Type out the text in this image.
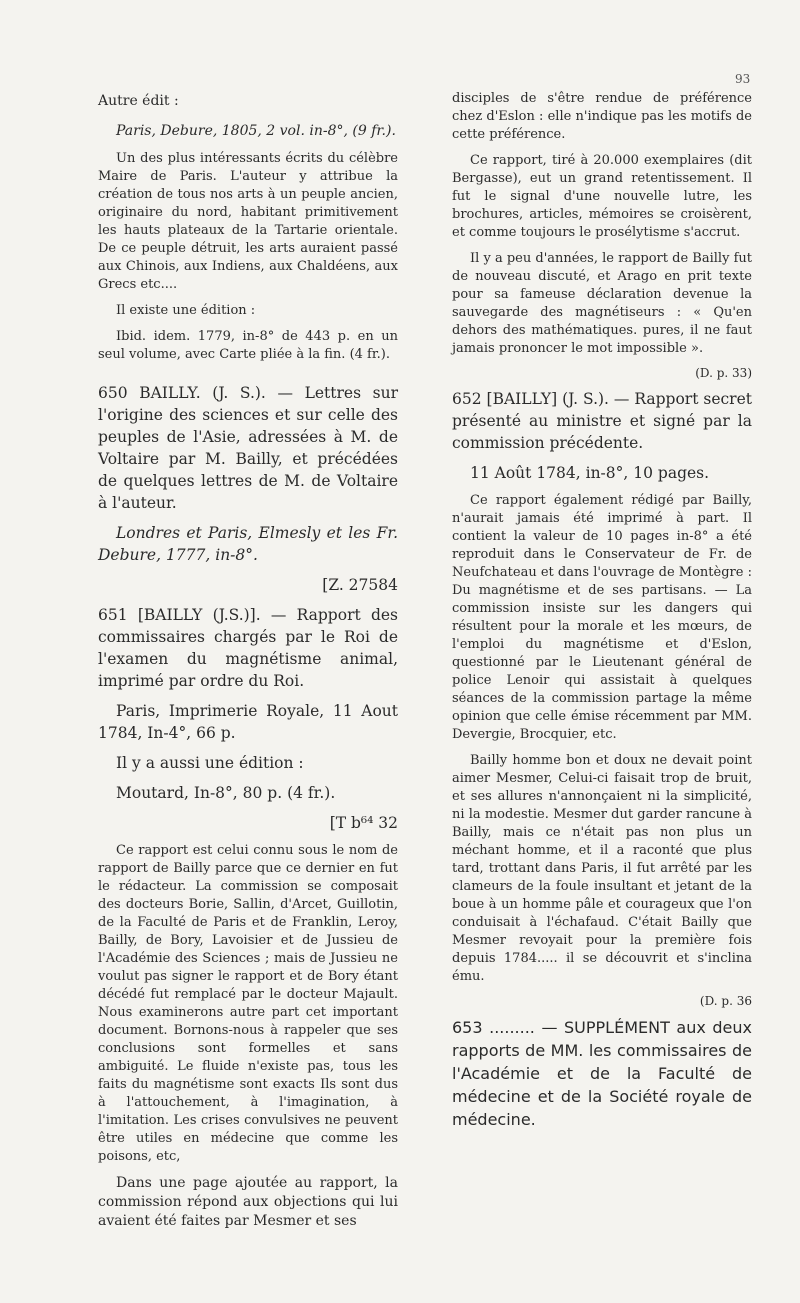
93

Autre édit :

Paris, Debure, 1805, 2 vol. in-8°, (9 fr.).

Un des plus intéressants écrits du célèbre Maire de Paris. L'auteur y attribue la création de tous nos arts à un peuple ancien, originaire du nord, habitant primitivement les hauts plateaux de la Tartarie orientale. De ce peuple détruit, les arts auraient passé aux Chinois, aux Indiens, aux Chaldéens, aux Grecs etc....

Il existe une édition :

Ibid. idem. 1779, in-8° de 443 p. en un seul volume, avec Carte pliée à la fin. (4 fr.).

650 BAILLY. (J. S.). — Lettres sur l'origine des sciences et sur celle des peuples de l'Asie, adressées à M. de Voltaire par M. Bailly, et précédées de quelques lettres de M. de Voltaire à l'auteur.

Londres et Paris, Elmesly et les Fr. Debure, 1777, in-8°.

[Z. 27584

651 [BAILLY (J.S.)]. — Rapport des commissaires chargés par le Roi de l'examen du magnétisme animal, imprimé par ordre du Roi.

Paris, Imprimerie Royale, 11 Aout 1784, In-4°, 66 p.

Il y a aussi une édition :

Moutard, In-8°, 80 p. (4 fr.).

[T b⁶⁴ 32

Ce rapport est celui connu sous le nom de rapport de Bailly parce que ce dernier en fut le rédacteur. La commission se composait des docteurs Borie, Sallin, d'Arcet, Guillotin, de la Faculté de Paris et de Franklin, Leroy, Bailly, de Bory, Lavoisier et de Jussieu de l'Académie des Sciences ; mais de Jussieu ne voulut pas signer le rapport et de Bory étant décédé fut remplacé par le docteur Majault. Nous examinerons autre part cet important document. Bornons-nous à rappeler que ses conclusions sont formelles et sans ambiguité. Le fluide n'existe pas, tous les faits du magnétisme sont exacts Ils sont dus à l'attouchement, à l'imagination, à l'imitation. Les crises convulsives ne peuvent être utiles en médecine que comme les poisons, etc,

Dans une page ajoutée au rapport, la commission répond aux objections qui lui avaient été faites par Mesmer et ses

disciples de s'être rendue de préférence chez d'Eslon : elle n'indique pas les motifs de cette préférence.

Ce rapport, tiré à 20.000 exemplaires (dit Bergasse), eut un grand retentissement. Il fut le signal d'une nouvelle lutre, les brochures, articles, mémoires se croisèrent, et comme toujours le prosélytisme s'accrut.

Il y a peu d'années, le rapport de Bailly fut de nouveau discuté, et Arago en prit texte pour sa fameuse déclaration devenue la sauvegarde des magnétiseurs : « Qu'en dehors des mathématiques. pures, il ne faut jamais prononcer le mot impossible ».

(D. p. 33)

652 [BAILLY] (J. S.). — Rapport secret présenté au ministre et signé par la commission précédente.

11 Août 1784, in-8°, 10 pages.

Ce rapport également rédigé par Bailly, n'aurait jamais été imprimé à part. Il contient la valeur de 10 pages in-8° a été reproduit dans le Conservateur de Fr. de Neufchateau et dans l'ouvrage de Montègre : Du magnétisme et de ses partisans. — La commission insiste sur les dangers qui résultent pour la morale et les mœurs, de l'emploi du magnétisme et d'Eslon, questionné par le Lieutenant général de police Lenoir qui assistait à quelques séances de la commission partage la même opinion que celle émise récemment par MM. Devergie, Brocquier, etc.

Bailly homme bon et doux ne devait point aimer Mesmer, Celui-ci faisait trop de bruit, et ses allures n'annonçaient ni la simplicité, ni la modestie. Mesmer dut garder rancune à Bailly, mais ce n'était pas non plus un méchant homme, et il a raconté que plus tard, trottant dans Paris, il fut arrêté par les clameurs de la foule insultant et jetant de la boue à un homme pâle et courageux que l'on conduisait à l'échafaud. C'était Bailly que Mesmer revoyait pour la première fois depuis 1784..... il se découvrit et s'inclina ému.

(D. p. 36

653 ......... — SUPPLÉMENT aux deux rapports de MM. les commissaires de l'Académie et de la Faculté de médecine et de la Société royale de médecine.
